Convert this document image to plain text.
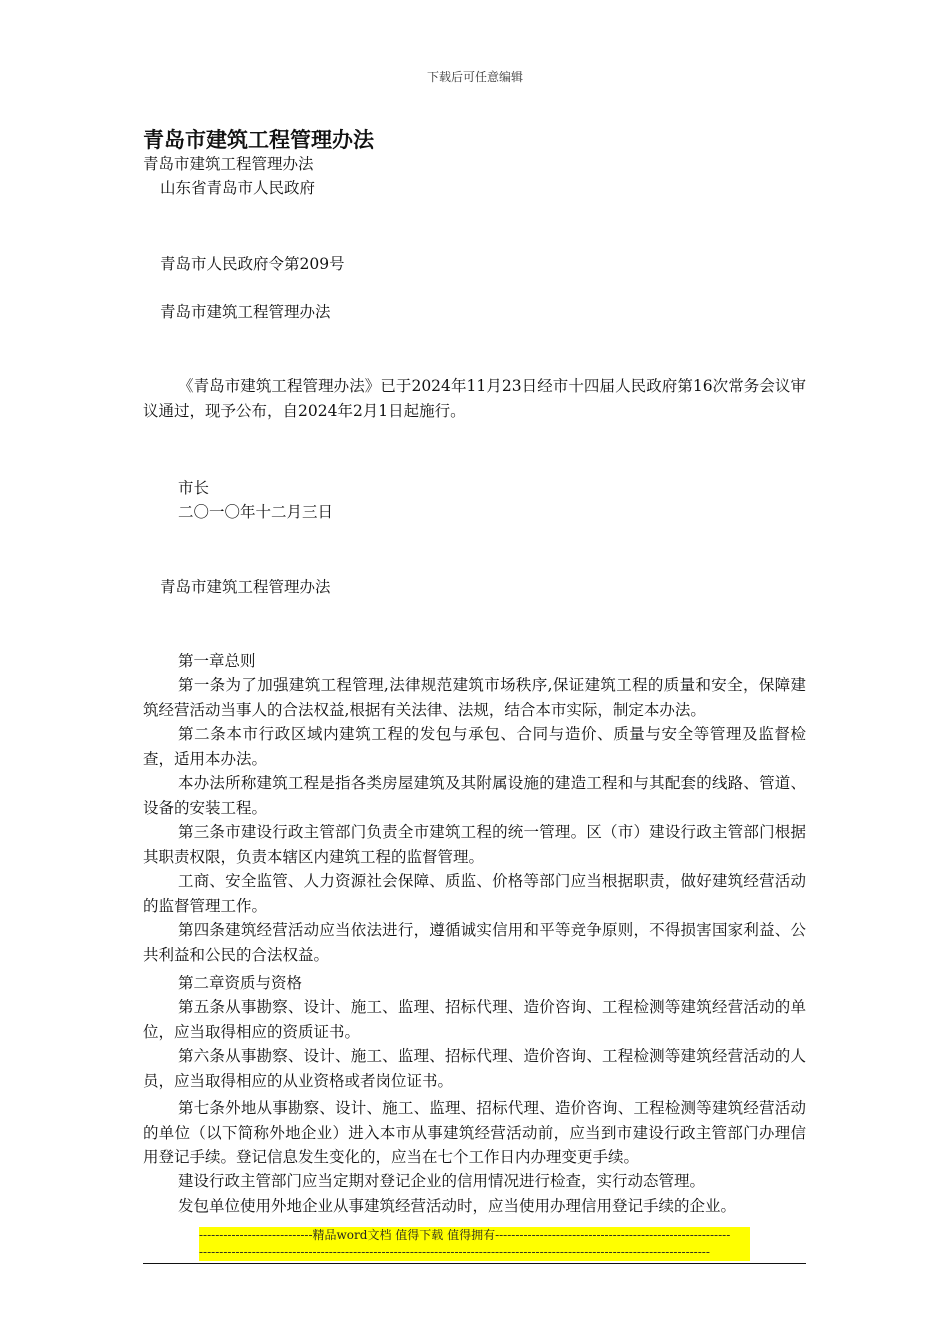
下载后可任意编辑
青岛市建筑工程管理办法
青岛市建筑工程管理办法
山东省青岛市人民政府
青岛市人民政府令第209号
青岛市建筑工程管理办法
《青岛市建筑工程管理办法》已于2024年11月23日经市十四届人民政府第16次常务会议审议通过，现予公布，自2024年2月1日起施行。
市长
二〇一〇年十二月三日
青岛市建筑工程管理办法
第一章总则
第一条为了加强建筑工程管理,法律规范建筑市场秩序,保证建筑工程的质量和安全，保障建筑经营活动当事人的合法权益,根据有关法律、法规，结合本市实际，制定本办法。
第二条本市行政区域内建筑工程的发包与承包、合同与造价、质量与安全等管理及监督检查，适用本办法。
本办法所称建筑工程是指各类房屋建筑及其附属设施的建造工程和与其配套的线路、管道、设备的安装工程。
第三条市建设行政主管部门负责全市建筑工程的统一管理。区（市）建设行政主管部门根据其职责权限，负责本辖区内建筑工程的监督管理。
工商、安全监管、人力资源社会保障、质监、价格等部门应当根据职责，做好建筑经营活动的监督管理工作。
第四条建筑经营活动应当依法进行，遵循诚实信用和平等竞争原则，不得损害国家利益、公共利益和公民的合法权益。
第二章资质与资格
第五条从事勘察、设计、施工、监理、招标代理、造价咨询、工程检测等建筑经营活动的单位，应当取得相应的资质证书。
第六条从事勘察、设计、施工、监理、招标代理、造价咨询、工程检测等建筑经营活动的人员，应当取得相应的从业资格或者岗位证书。
第七条外地从事勘察、设计、施工、监理、招标代理、造价咨询、工程检测等建筑经营活动的单位（以下简称外地企业）进入本市从事建筑经营活动前，应当到市建设行政主管部门办理信用登记手续。登记信息发生变化的，应当在七个工作日内办理变更手续。
建设行政主管部门应当定期对登记企业的信用情况进行检查，实行动态管理。
发包单位使用外地企业从事建筑经营活动时，应当使用办理信用登记手续的企业。
----------------------------精品word文档 值得下载 值得拥有----------------------------------------------------------
------------------------------------------------------------------------------------------------------------------------------
